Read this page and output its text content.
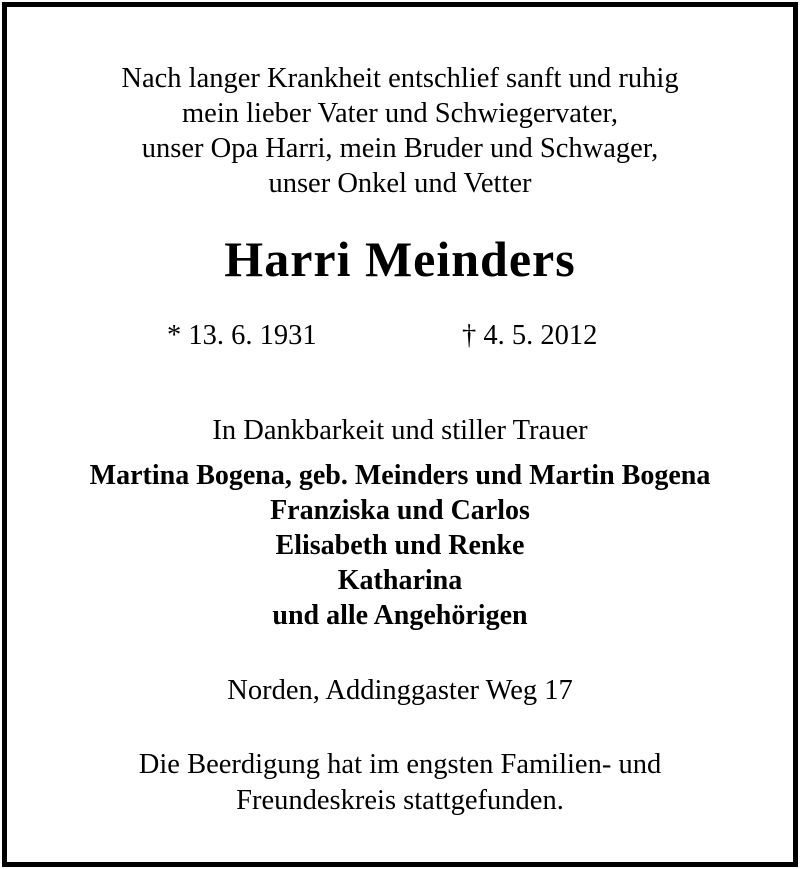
Nach langer Krankheit entschlief sanft und ruhig
mein lieber Vater und Schwiegervater,
unser Opa Harri, mein Bruder und Schwager,
unser Onkel und Vetter
Harri Meinders
* 13. 6. 1931	† 4. 5. 2012
In Dankbarkeit und stiller Trauer
Martina Bogena, geb. Meinders und Martin Bogena
Franziska und Carlos
Elisabeth und Renke
Katharina
und alle Angehörigen
Norden, Addinggaster Weg 17
Die Beerdigung hat im engsten Familien- und
Freundeskreis stattgefunden.
